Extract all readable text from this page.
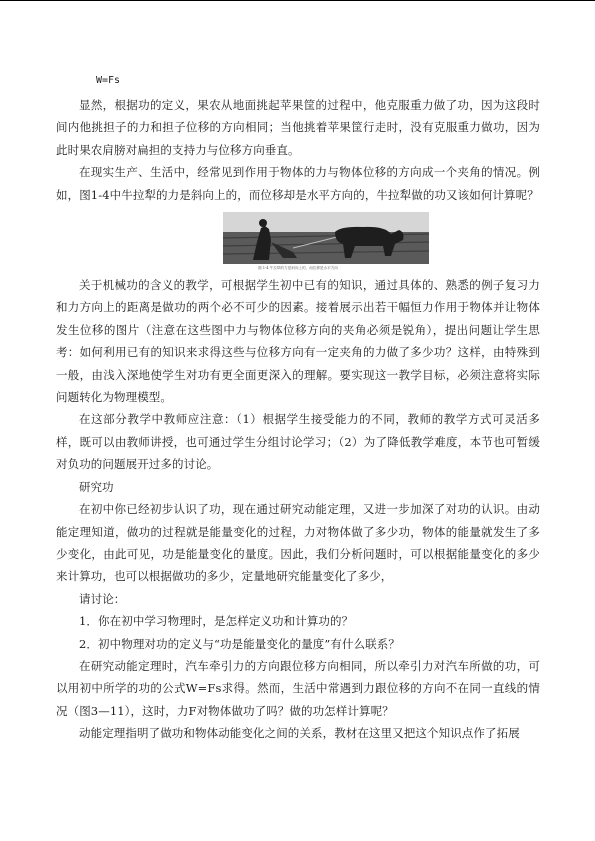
W=Fs

显然，根据功的定义，果农从地面挑起苹果筐的过程中，他克服重力做了功，因为这段时间内他挑担子的力和担子位移的方向相同；当他挑着苹果筐行走时，没有克服重力做功，因为此时果农肩膀对扁担的支持力与位移方向垂直。

在现实生产、生活中，经常见到作用于物体的力与物体位移的方向成一个夹角的情况。例如，图1-4中牛拉犁的力是斜向上的，而位移却是水平方向的，牛拉犁做的功又该如何计算呢？

图 1-4 牛拉犁的力是斜向上的，而位移是水平方向

关于机械功的含义的教学，可根据学生初中已有的知识，通过具体的、熟悉的例子复习力和力方向上的距离是做功的两个必不可少的因素。接着展示出若干幅恒力作用于物体并让物体发生位移的图片（注意在这些图中力与物体位移方向的夹角必须是锐角），提出问题让学生思考：如何利用已有的知识来求得这些与位移方向有一定夹角的力做了多少功？这样，由特殊到一般，由浅入深地使学生对功有更全面更深入的理解。要实现这一教学目标，必须注意将实际问题转化为物理模型。

在这部分教学中教师应注意：（1）根据学生接受能力的不同，教师的教学方式可灵活多样，既可以由教师讲授，也可通过学生分组讨论学习；（2）为了降低教学难度，本节也可暂缓对负功的问题展开过多的讨论。

研究功

在初中你已经初步认识了功，现在通过研究动能定理，又进一步加深了对功的认识。由动能定理知道，做功的过程就是能量变化的过程，力对物体做了多少功，物体的能量就发生了多少变化，由此可见，功是能量变化的量度。因此，我们分析问题时，可以根据能量变化的多少来计算功，也可以根据做功的多少，定量地研究能量变化了多少，

请讨论：

1．你在初中学习物理时，是怎样定义功和计算功的？

2．初中物理对功的定义与“功是能量变化的量度”有什么联系？

在研究动能定理时，汽车牵引力的方向跟位移方向相同，所以牵引力对汽车所做的功，可以用初中所学的功的公式W=Fs求得。然而，生活中常遇到力跟位移的方向不在同一直线的情况（图3—11），这时，力F对物体做功了吗？做的功怎样计算呢？

动能定理指明了做功和物体动能变化之间的关系，教材在这里又把这个知识点作了拓展
